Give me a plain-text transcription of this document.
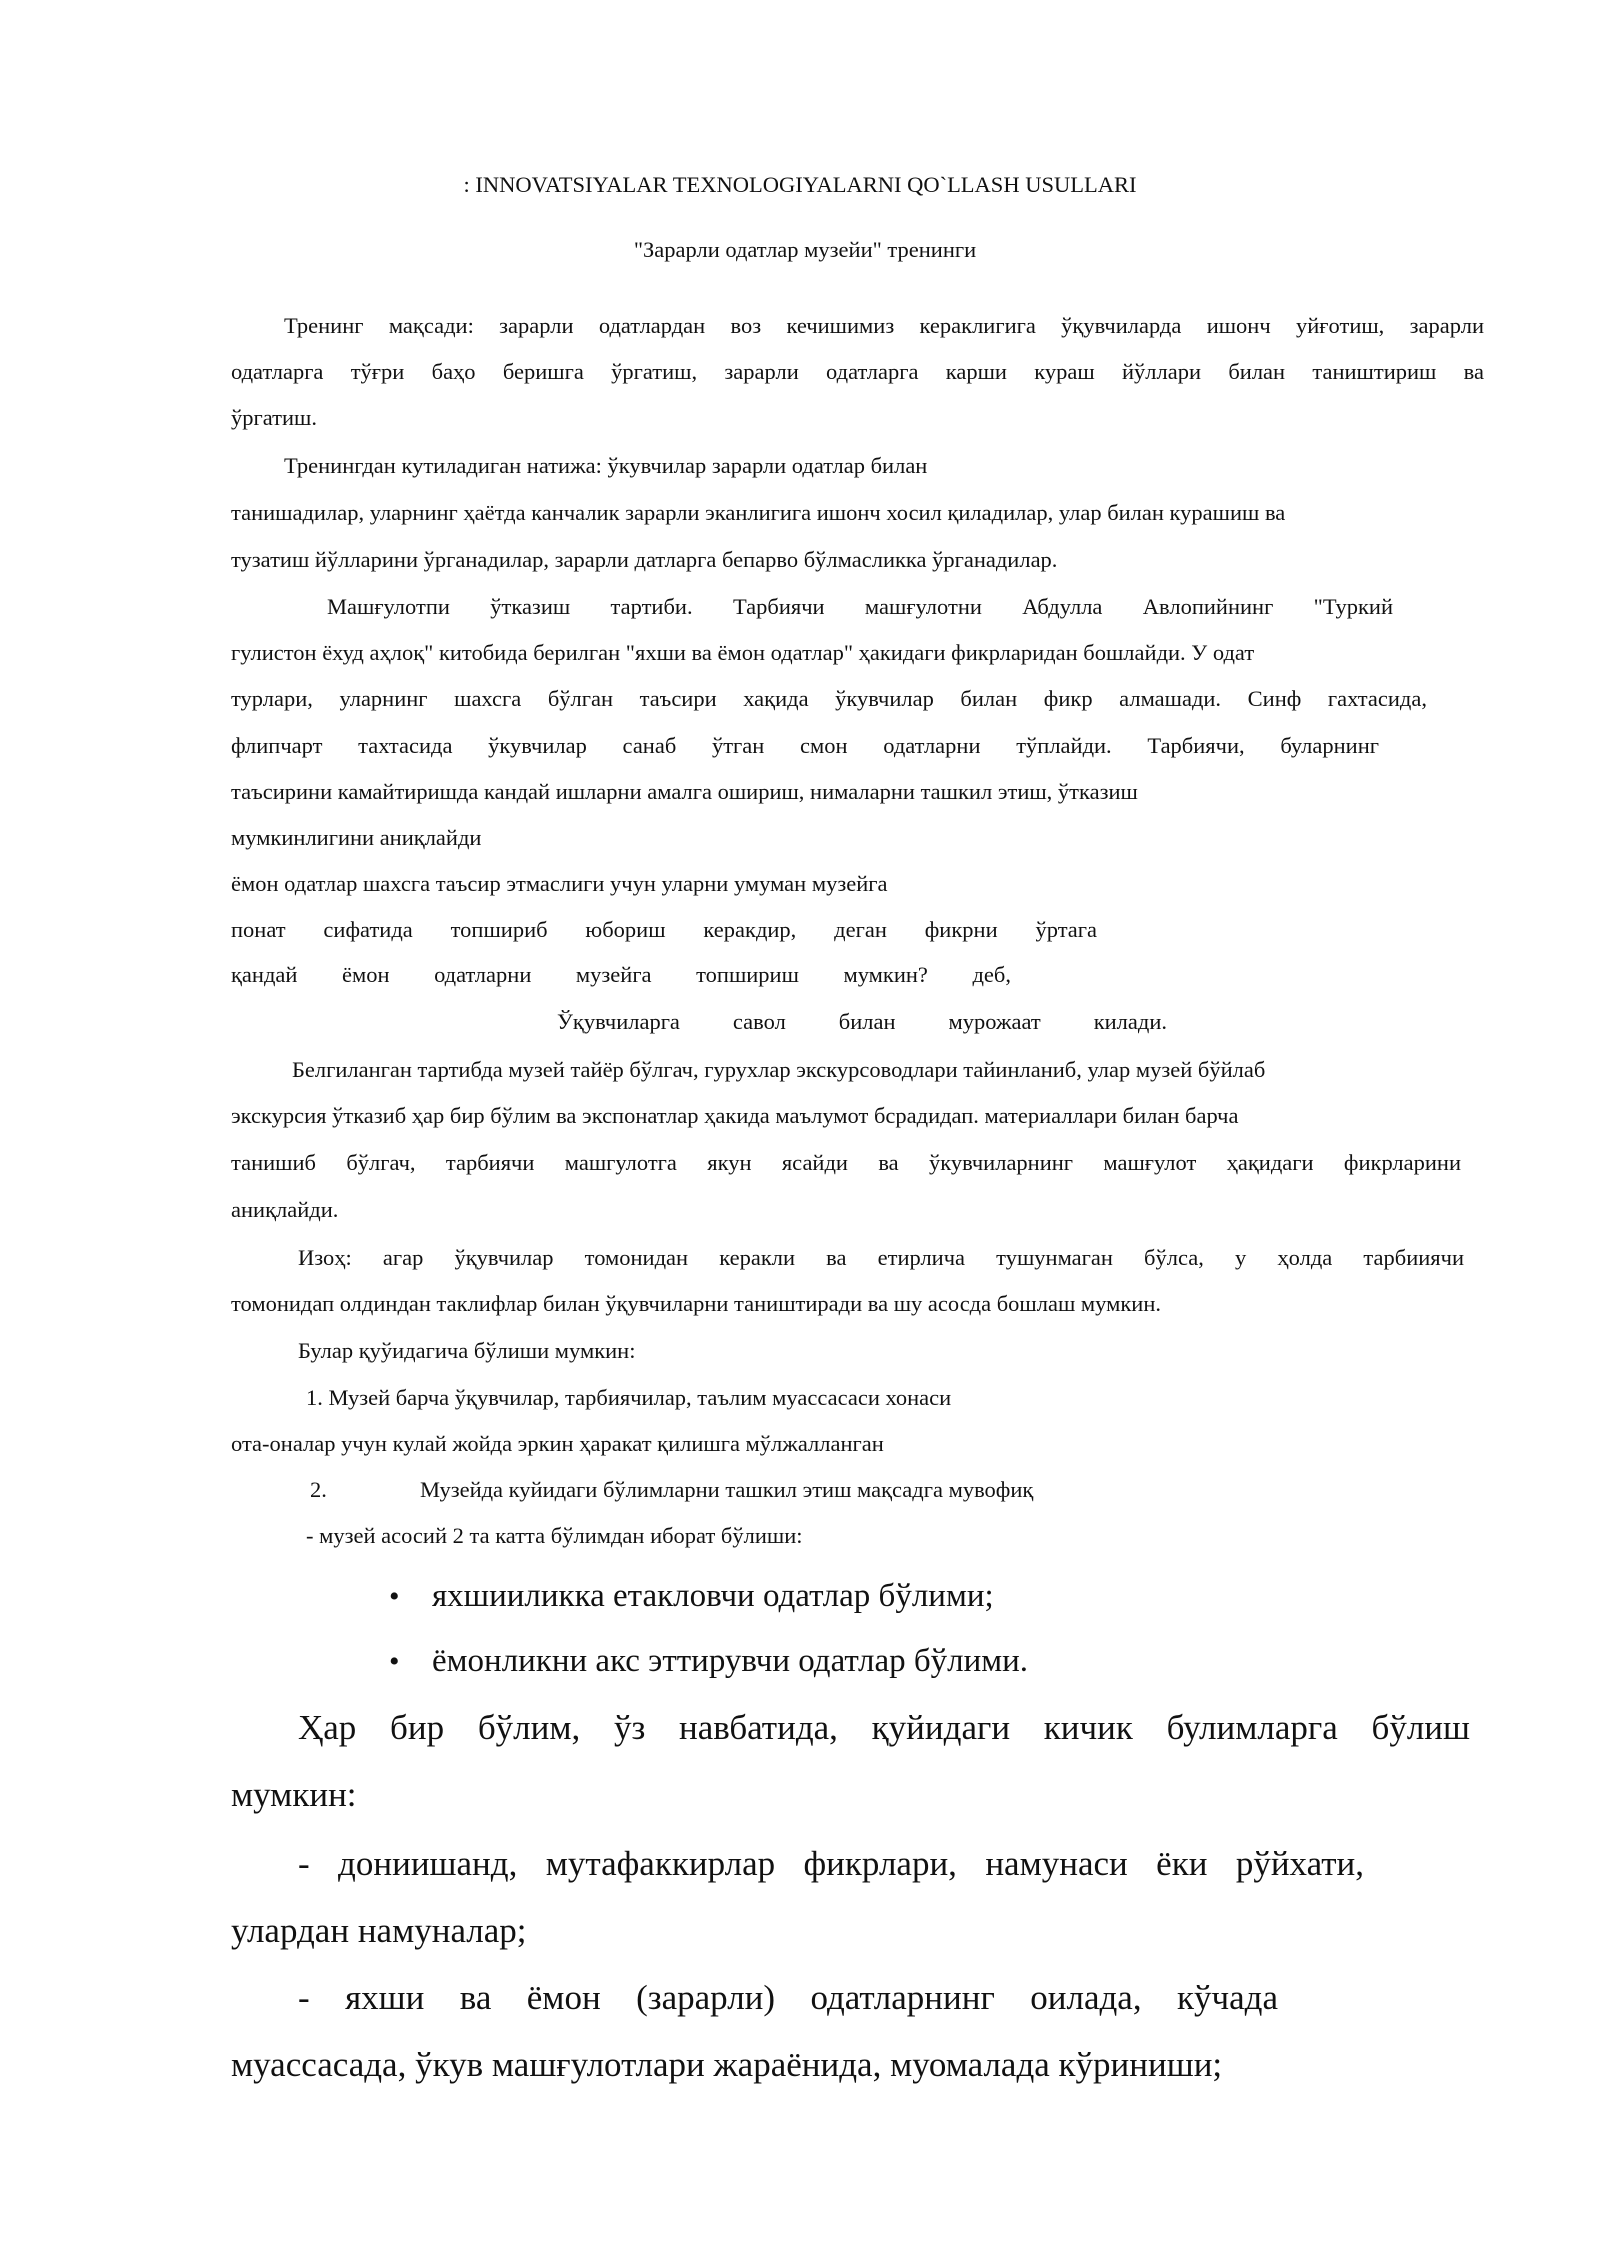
: INNOVATSIYALAR TEXNOLOGIYALARNI QO`LLASH USULLARI

"Зарарли одатлар музейи" тренинги

Тренинг мақсади: зарарли одатлардан воз кечишимиз кераклигига ўқувчиларда ишонч уйғотиш, зарарли

одатларга тўғри баҳо беришга ўргатиш, зарарли одатларга карши кураш йўллари билан таништириш ва

ўргатиш.

Тренингдан кутиладиган натижа: ўкувчилар зарарли одатлар билан

танишадилар, уларнинг ҳаётда канчалик зарарли эканлигига ишонч хосил қиладилар, улар билан курашиш ва

тузатиш йўлларини ўрганадилар, зарарли датларга бепарво бўлмасликка ўрганадилар.

Машғулотпи ўтказиш тартиби. Тарбиячи машғулотни Абдулла Авлопийнинг "Туркий

гулистон ёхуд аҳлоқ" китобида берилган "яхши ва ёмон одатлар" ҳакидаги фикрларидан бошлайди. У одат

турлари, уларнинг шахсга бўлган таъсири хақида ўкувчилар билан фикр алмашади. Синф гахтасида,

флипчарт тахтасида ўкувчилар санаб ўтган смон одатларни тўплайди. Тарбиячи, буларнинг

таъсирини камайтиришда кандай ишларни амалга ошириш, нималарни ташкил этиш, ўтказиш

мумкинлигини аниқлайди

ёмон одатлар шахсга таъсир этмаслиги учун уларни умуман музейга

понат сифатида топшириб юбориш керакдир, деган фикрни ўртага

қандай ёмон одатларни музейга топшириш мумкин? деб,

Ўқувчиларга савол билан мурожаат килади.

Белгиланган тартибда музей тайёр бўлгач, гурухлар экскурсоводлари тайинланиб, улар музей бўйлаб

экскурсия ўтказиб ҳар бир бўлим ва экспонатлар ҳакида маълумот бсрадидап. материаллари билан барча

танишиб бўлгач, тарбиячи машгулотга якун ясайди ва ўкувчиларнинг машғулот ҳақидаги фикрларини

аниқлайди.

Изоҳ: агар ўқувчилар томонидан керакли ва етирлича тушунмаган бўлса, у ҳолда тарбиияч​и

томонидап олдиндан таклифлар билан ўқувчиларни таништиради ва шу асосда бошлаш мумкин.

Булар қуўидагича бўлиши мумкин:

1. Музей барча ўқувчилар, тарбиячилар, таълим муассасаси хонаси

ота-оналар учун кулай жойда эркин ҳаракат қилишга мўлжалланган

2.	Музейда куйидаги бўлимларни ташкил этиш мақсадга мувофиқ

- музей асосий 2 та катта бўлимдан иборат бўлиши:

• яхшииликка етакловчи одатлар бўлими;

• ёмонликни акс эттирувчи одатлар бўлими.

Ҳар бир бўлим, ўз навбатида, қуйидаги кичик булимларга бўлиш

мумкин:

- дониишанд, мутафаккирлар фикрлари, намунаси ёки рўйхати,

улардан намуналар;

- яхши ва ёмон (зарарли) одатларнинг оилада, кўчада

муассасада, ўкув машғулотлари жараёнида, муомалада кўриниши;
